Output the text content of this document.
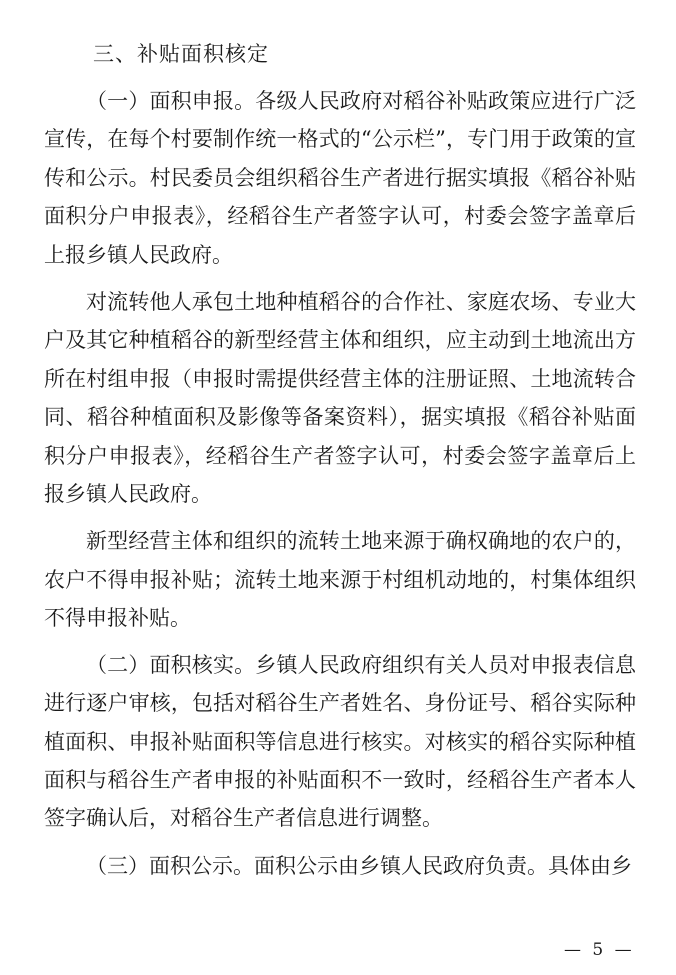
三、补贴面积核定

（一）面积申报。各级人民政府对稻谷补贴政策应进行广泛宣传，在每个村要制作统一格式的“公示栏”，专门用于政策的宣传和公示。村民委员会组织稻谷生产者进行据实填报《稻谷补贴面积分户申报表》，经稻谷生产者签字认可，村委会签字盖章后上报乡镇人民政府。

对流转他人承包土地种植稻谷的合作社、家庭农场、专业大户及其它种植稻谷的新型经营主体和组织，应主动到土地流出方所在村组申报（申报时需提供经营主体的注册证照、土地流转合同、稻谷种植面积及影像等备案资料），据实填报《稻谷补贴面积分户申报表》，经稻谷生产者签字认可，村委会签字盖章后上报乡镇人民政府。

新型经营主体和组织的流转土地来源于确权确地的农户的，农户不得申报补贴；流转土地来源于村组机动地的，村集体组织不得申报补贴。

（二）面积核实。乡镇人民政府组织有关人员对申报表信息进行逐户审核，包括对稻谷生产者姓名、身份证号、稻谷实际种植面积、申报补贴面积等信息进行核实。对核实的稻谷实际种植面积与稻谷生产者申报的补贴面积不一致时，经稻谷生产者本人签字确认后，对稻谷生产者信息进行调整。

（三）面积公示。面积公示由乡镇人民政府负责。具体由乡

— 5 —
